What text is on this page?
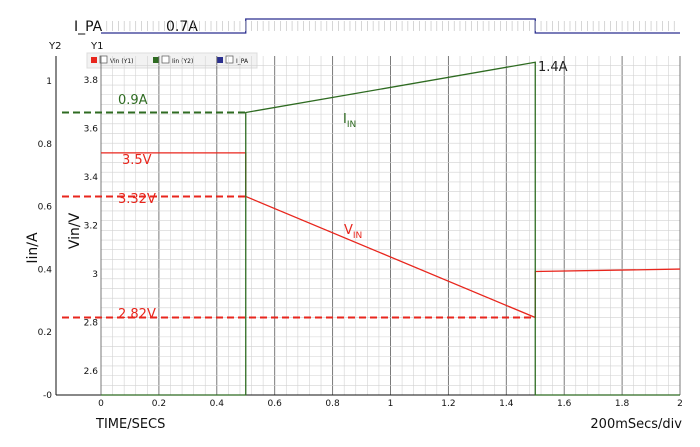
I_PA	0.7A
Y2	Y1
Vin (Y1)	Iin (Y2)	I_PA
0	0.2	0.4	0.6	0.8	1	1.2	1.4	1.6	1.8	2
2.6
2.8
3
3.2
3.4
3.6
3.8
-0
0.2
0.4
0.6
0.8
1
0.9A
3.32V
2.82V
3.5V
1.4A
$I_{IN}$
$V_{IN}$
Iin/A Vin/V
TIME/SECS	200mSecs/div
